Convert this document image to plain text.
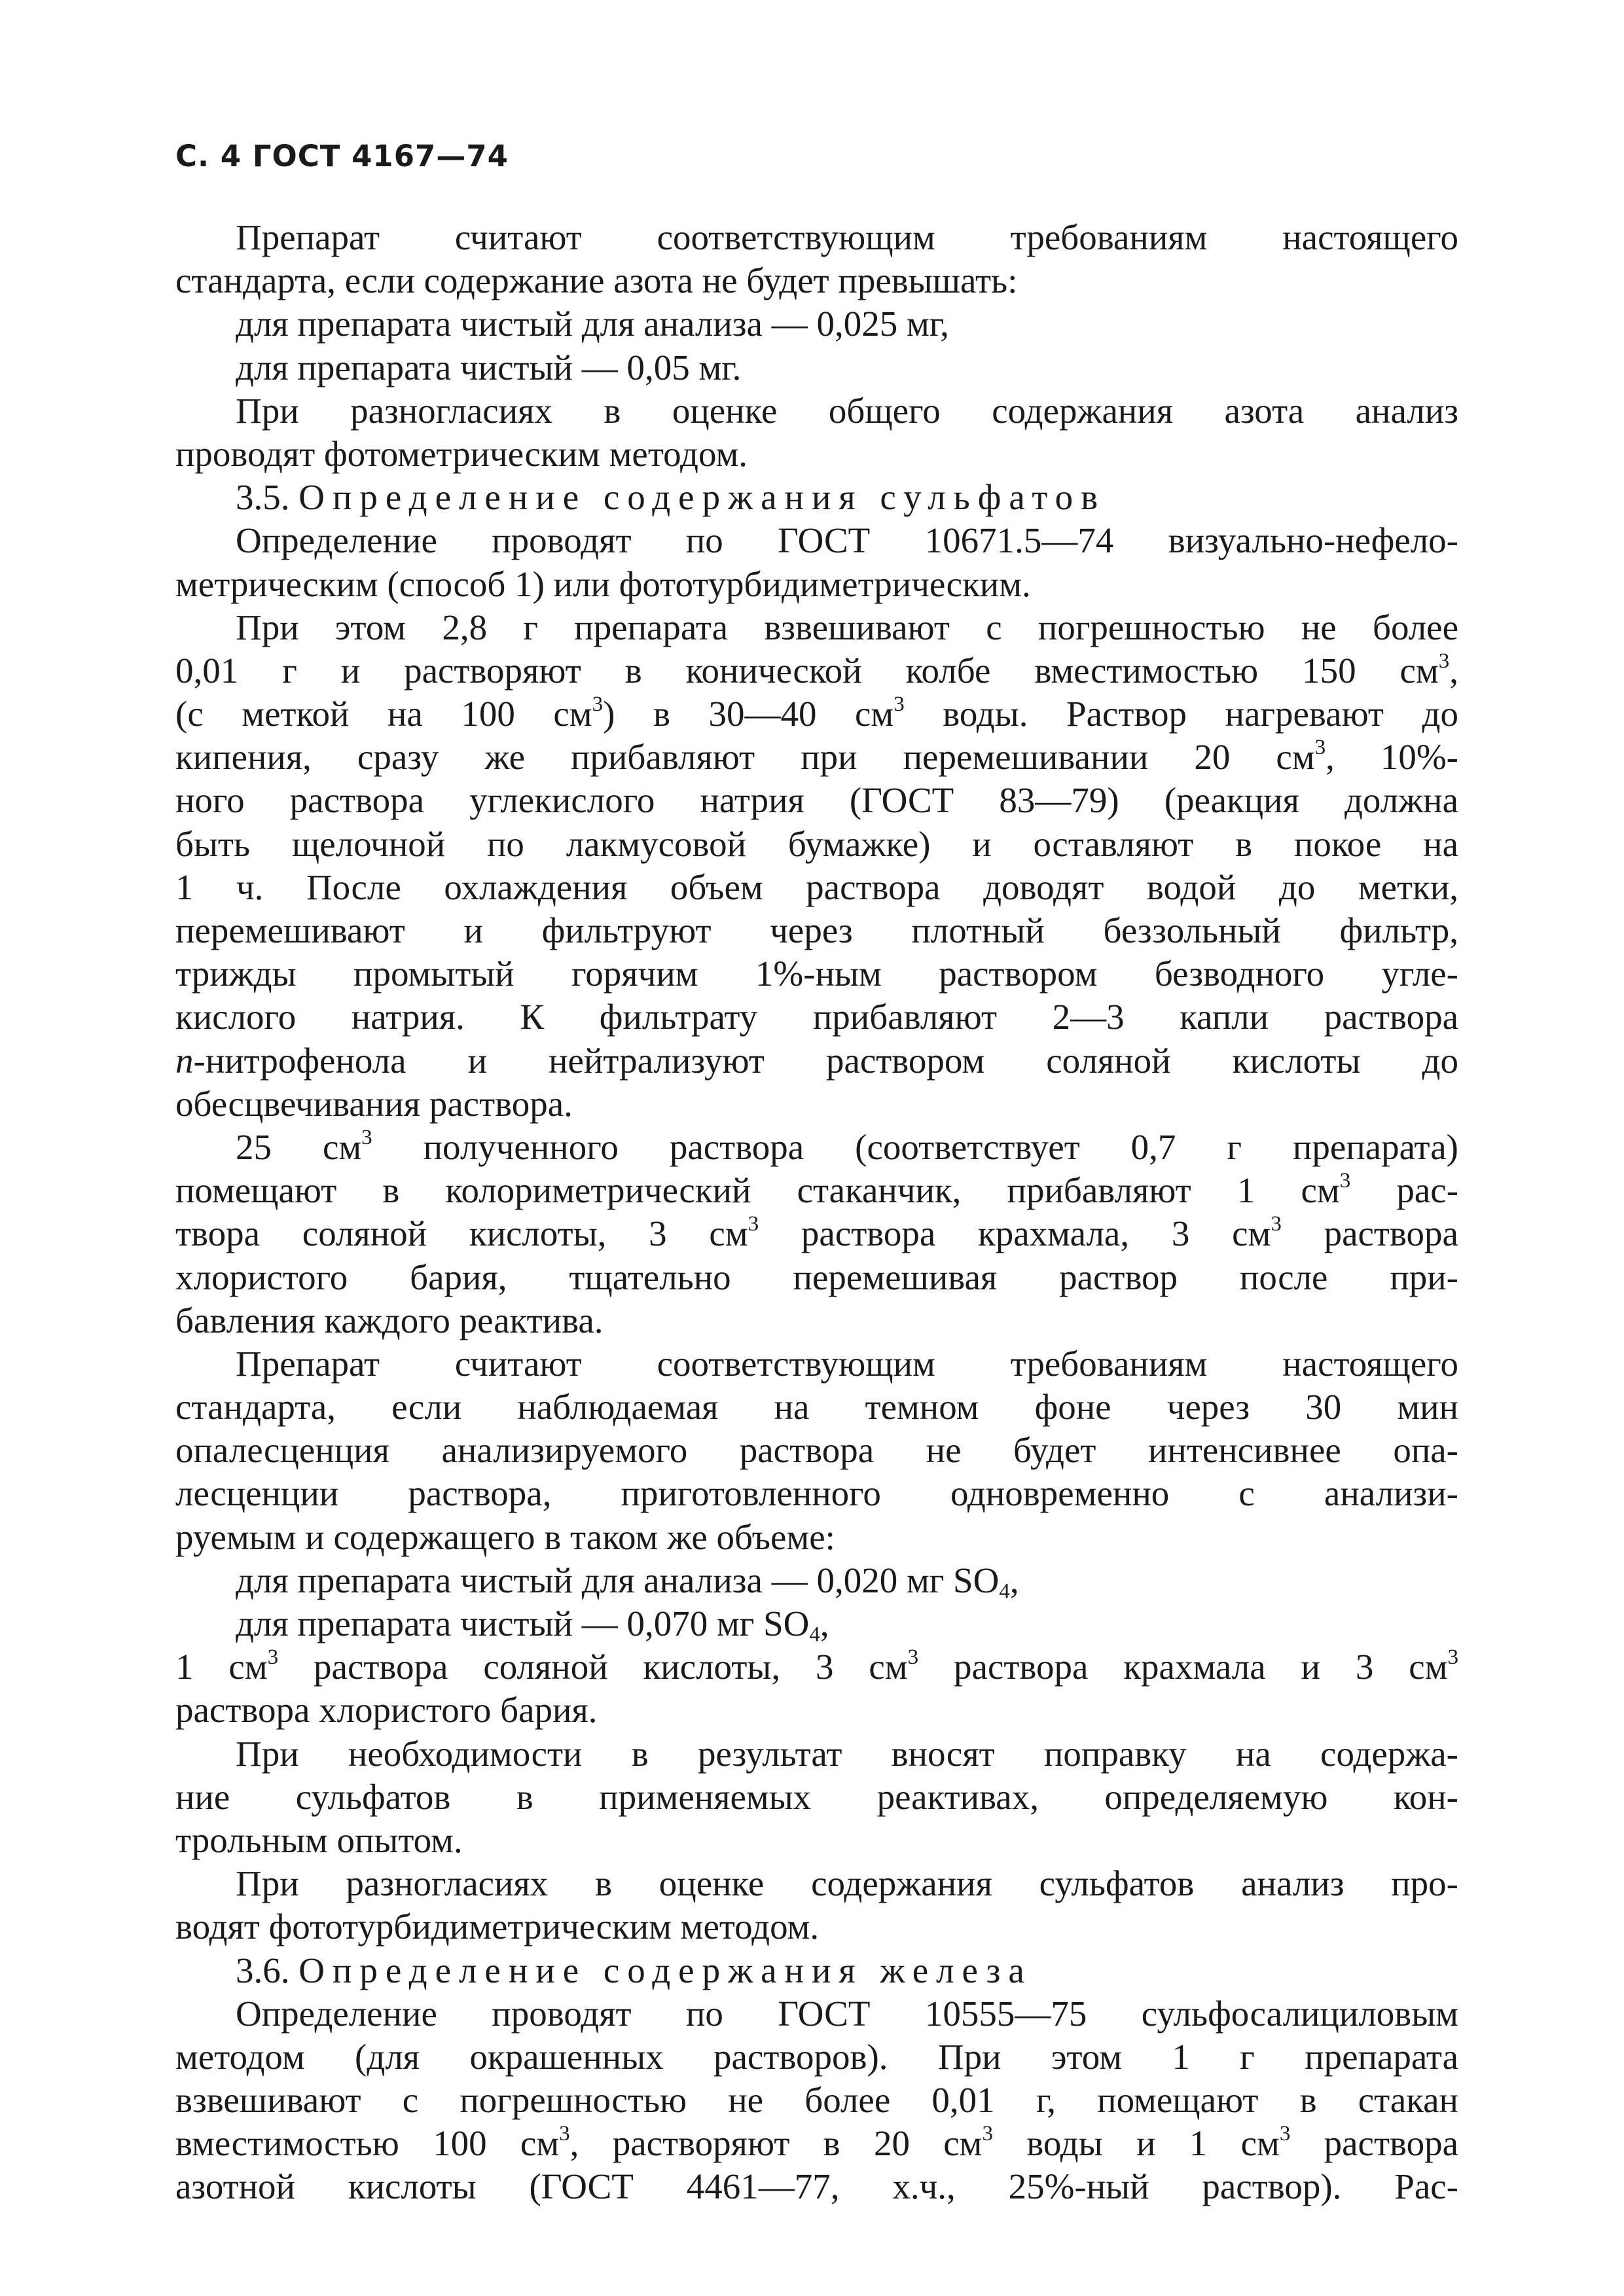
С. 4 ГОСТ 4167—74
Препарат считают соответствующим требованиям настоящего
стандарта, если содержание азота не будет превышать:
для препарата чистый для анализа — 0,025 мг,
для препарата чистый — 0,05 мг.
При разногласиях в оценке общего содержания азота анализ
проводят фотометрическим методом.
3.5. Определение содержания сульфатов
Определение проводят по ГОСТ 10671.5—74 визуально-нефело-
метрическим (способ 1) или фототурбидиметрическим.
При этом 2,8 г препарата взвешивают с погрешностью не более
0,01 г и растворяют в конической колбе вместимостью 150 $см^3$,
(с меткой на 100 $см^3$) в 30—40 $см^3$ воды. Раствор нагревают до
кипения, сразу же прибавляют при перемешивании 20 $см^3$, 10%-
ного раствора углекислого натрия (ГОСТ 83—79) (реакция должна
быть щелочной по лакмусовой бумажке) и оставляют в покое на
1 ч. После охлаждения объем раствора доводят водой до метки,
перемешивают и фильтруют через плотный беззольный фильтр,
трижды промытый горячим 1%-ным раствором безводного угле-
кислого натрия. К фильтрату прибавляют 2—3 капли раствора
п-нитрофенола и нейтрализуют раствором соляной кислоты до
обесцвечивания раствора.
25 $см^3$ полученного раствора (соответствует 0,7 г препарата)
помещают в колориметрический стаканчик, прибавляют 1 $см^3$ рас-
твора соляной кислоты, 3 $см^3$ раствора крахмала, 3 $см^3$ раствора
хлористого бария, тщательно перемешивая раствор после при-
бавления каждого реактива.
Препарат считают соответствующим требованиям настоящего
стандарта, если наблюдаемая на темном фоне через 30 мин
опалесценция анализируемого раствора не будет интенсивнее опа-
лесценции раствора, приготовленного одновременно с анализи-
руемым и содержащего в таком же объеме:
для препарата чистый для анализа — 0,020 мг $SO_4$,
для препарата чистый — 0,070 мг $SO_4$,
1 $см^3$ раствора соляной кислоты, 3 $см^3$ раствора крахмала и 3 $см^3$
раствора хлористого бария.
При необходимости в результат вносят поправку на содержа-
ние сульфатов в применяемых реактивах, определяемую кон-
трольным опытом.
При разногласиях в оценке содержания сульфатов анализ про-
водят фототурбидиметрическим методом.
3.6. Определение содержания железа
Определение проводят по ГОСТ 10555—75 сульфосалициловым
методом (для окрашенных растворов). При этом 1 г препарата
взвешивают с погрешностью не более 0,01 г, помещают в стакан
вместимостью 100 $см^3$, растворяют в 20 $см^3$ воды и 1 $см^3$ раствора
азотной кислоты (ГОСТ 4461—77, х.ч., 25%-ный раствор). Рас-
